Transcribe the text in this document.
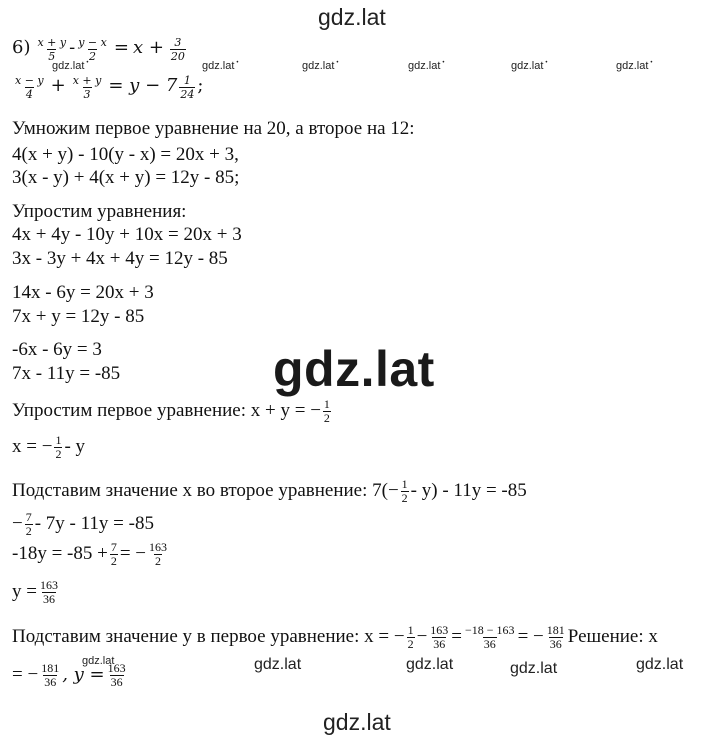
gdz.lat
gdz.lat
gdz.lat
gdz.lat •	gdz.lat •	gdz.lat •	gdz.lat •	gdz.lat •	gdz.lat •
gdz.lat	gdz.lat	gdz.lat	gdz.lat
gdz.lat
$6) \frac{x + y}{5} - \frac{y - x}{2} = x + \frac{3}{20}$
$\frac{x - y}{4} + \frac{x + y}{3} = y - 7 \frac{1}{24}$ ;
Умножим первое уравнение на 20, а второе на 12:
4(x + y) - 10(y - x) = 20x + 3,
3(x - y) + 4(x + y) = 12y - 85;
Упростим уравнения:
4x + 4y - 10y + 10x = 20x + 3
3x - 3y + 4x + 4y = 12y - 85
14x - 6y = 20x + 3
7x + y = 12y - 85
-6x - 6y = 3
7x - 11y = -85
Упростим первое уравнение: x + y = − $\frac{1}{2}$
x = − $\frac{1}{2}$ - y
Подставим значение x во второе уравнение: $7(- \frac{1}{2} - y) - 11y = -85$
− $\frac{7}{2} - 7y - 11y = -85$
$-18y = -85 + \frac{7}{2}$ = − $\frac{163}{2}$
$y = \frac{163}{36}$
Подставим значение y в первое уравнение: x = − $\frac{1}{2} - \frac{163}{36} = \frac{-18 - 163}{36}$ = − $\frac{181}{36}$ Решение: x
= − $\frac{181}{36}$ , $y = \frac{163}{36}$
